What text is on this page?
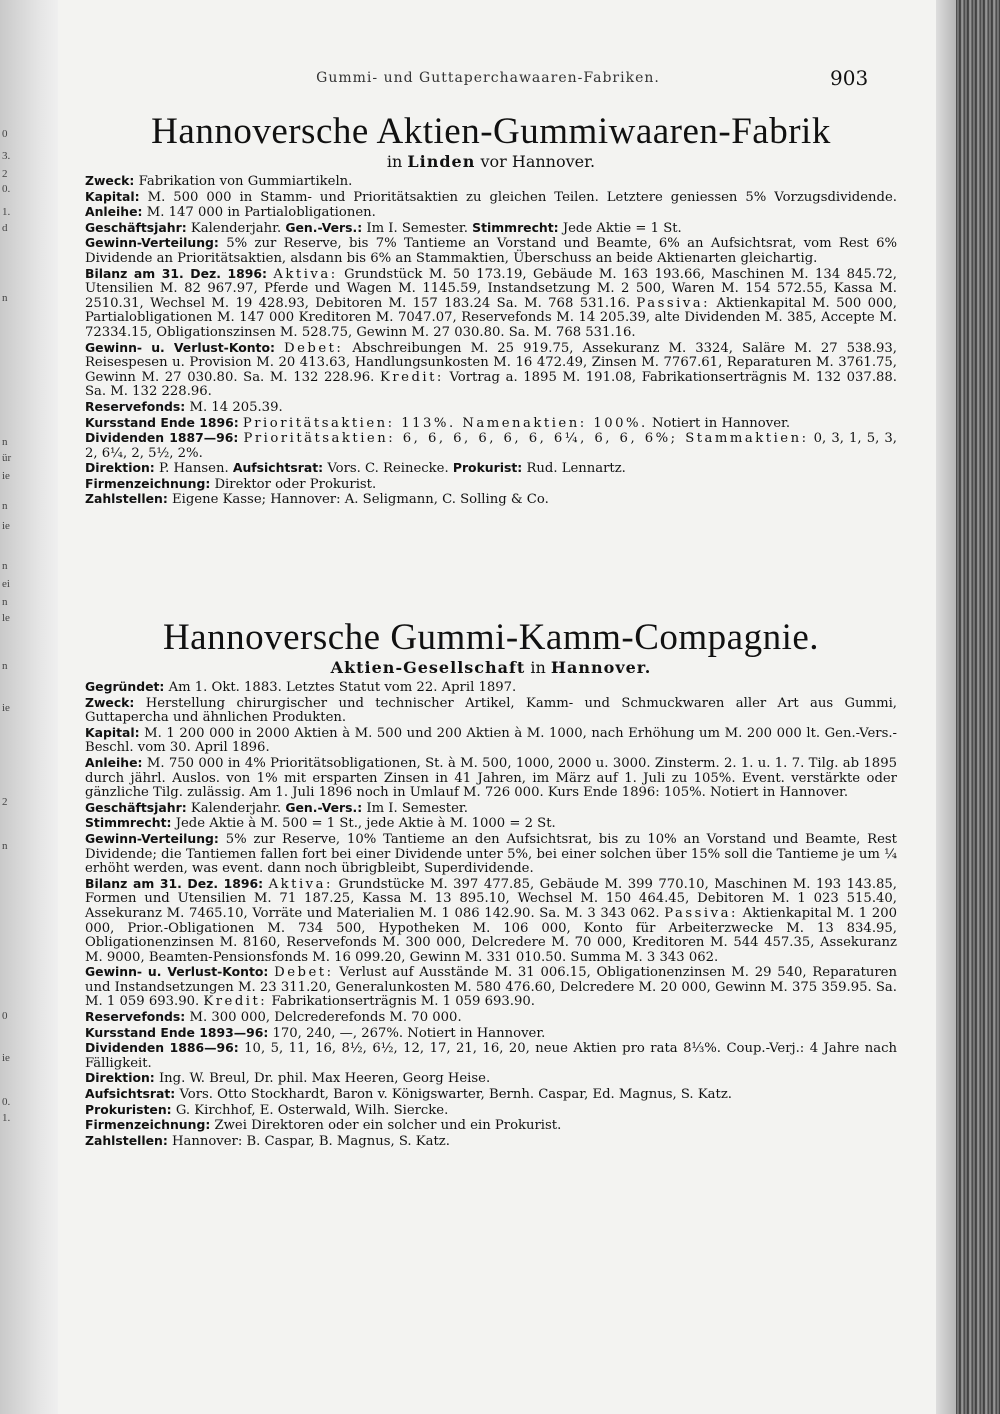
0
3.
2
0.
1.
d
n
n
ür
ie
n
ie
n
ei
n
le
n
ie
2
n
0
ie
0.
1.
Gummi- und Guttaperchawaaren-Fabriken.	903
Hannoversche Aktien-Gummiwaaren-Fabrik

in Linden vor Hannover.

Zweck: Fabrikation von Gummiartikeln.

Kapital: M. 500 000 in Stamm- und Prioritätsaktien zu gleichen Teilen. Letztere geniessen 5% Vorzugsdividende. Anleihe: M. 147 000 in Partialobligationen.

Geschäftsjahr: Kalenderjahr. Gen.-Vers.: Im I. Semester. Stimmrecht: Jede Aktie = 1 St.

Gewinn-Verteilung: 5% zur Reserve, bis 7% Tantieme an Vorstand und Beamte, 6% an Aufsichtsrat, vom Rest 6% Dividende an Prioritätsaktien, alsdann bis 6% an Stammaktien, Überschuss an beide Aktienarten gleichartig.

Bilanz am 31. Dez. 1896: Aktiva: Grundstück M. 50 173.19, Gebäude M. 163 193.66, Maschinen M. 134 845.72, Utensilien M. 82 967.97, Pferde und Wagen M. 1145.59, Instandsetzung M. 2 500, Waren M. 154 572.55, Kassa M. 2510.31, Wechsel M. 19 428.93, Debitoren M. 157 183.24 Sa. M. 768 531.16. Passiva: Aktienkapital M. 500 000, Partialobligationen M. 147 000 Kreditoren M. 7047.07, Reservefonds M. 14 205.39, alte Dividenden M. 385, Accepte M. 72334.15, Obligationszinsen M. 528.75, Gewinn M. 27 030.80. Sa. M. 768 531.16.

Gewinn- u. Verlust-Konto: Debet: Abschreibungen M. 25 919.75, Assekuranz M. 3324, Saläre M. 27 538.93, Reisespesen u. Provision M. 20 413.63, Handlungsunkosten M. 16 472.49, Zinsen M. 7767.61, Reparaturen M. 3761.75, Gewinn M. 27 030.80. Sa. M. 132 228.96. Kredit: Vortrag a. 1895 M. 191.08, Fabrikationserträgnis M. 132 037.88. Sa. M. 132 228.96.

Reservefonds: M. 14 205.39.

Kursstand Ende 1896: Prioritätsaktien: 113%. Namenaktien: 100%. Notiert in Hannover.

Dividenden 1887—96: Prioritätsaktien: 6, 6, 6, 6, 6, 6, 6¼, 6, 6, 6%; Stammaktien: 0, 3, 1, 5, 3, 2, 6¼, 2, 5½, 2%.

Direktion: P. Hansen. Aufsichtsrat: Vors. C. Reinecke. Prokurist: Rud. Lennartz.

Firmenzeichnung: Direktor oder Prokurist.

Zahlstellen: Eigene Kasse; Hannover: A. Seligmann, C. Solling & Co.

Hannoversche Gummi-Kamm-Compagnie.

Aktien-Gesellschaft in Hannover.

Gegründet: Am 1. Okt. 1883. Letztes Statut vom 22. April 1897.

Zweck: Herstellung chirurgischer und technischer Artikel, Kamm- und Schmuckwaren aller Art aus Gummi, Guttapercha und ähnlichen Produkten.

Kapital: M. 1 200 000 in 2000 Aktien à M. 500 und 200 Aktien à M. 1000, nach Erhöhung um M. 200 000 lt. Gen.-Vers.-Beschl. vom 30. April 1896.

Anleihe: M. 750 000 in 4% Prioritätsobligationen, St. à M. 500, 1000, 2000 u. 3000. Zinsterm. 2. 1. u. 1. 7. Tilg. ab 1895 durch jährl. Auslos. von 1% mit ersparten Zinsen in 41 Jahren, im März auf 1. Juli zu 105%. Event. verstärkte oder gänzliche Tilg. zulässig. Am 1. Juli 1896 noch in Umlauf M. 726 000. Kurs Ende 1896: 105%. Notiert in Hannover.

Geschäftsjahr: Kalenderjahr. Gen.-Vers.: Im I. Semester.

Stimmrecht: Jede Aktie à M. 500 = 1 St., jede Aktie à M. 1000 = 2 St.

Gewinn-Verteilung: 5% zur Reserve, 10% Tantieme an den Aufsichtsrat, bis zu 10% an Vorstand und Beamte, Rest Dividende; die Tantiemen fallen fort bei einer Dividende unter 5%, bei einer solchen über 15% soll die Tantieme je um ¼ erhöht werden, was event. dann noch übrigbleibt, Superdividende.

Bilanz am 31. Dez. 1896: Aktiva: Grundstücke M. 397 477.85, Gebäude M. 399 770.10, Maschinen M. 193 143.85, Formen und Utensilien M. 71 187.25, Kassa M. 13 895.10, Wechsel M. 150 464.45, Debitoren M. 1 023 515.40, Assekuranz M. 7465.10, Vorräte und Materialien M. 1 086 142.90. Sa. M. 3 343 062. Passiva: Aktienkapital M. 1 200 000, Prior.-Obligationen M. 734 500, Hypotheken M. 106 000, Konto für Arbeiterzwecke M. 13 834.95, Obligationenzinsen M. 8160, Reservefonds M. 300 000, Delcredere M. 70 000, Kreditoren M. 544 457.35, Assekuranz M. 9000, Beamten-Pensionsfonds M. 16 099.20, Gewinn M. 331 010.50. Summa M. 3 343 062.

Gewinn- u. Verlust-Konto: Debet: Verlust auf Ausstände M. 31 006.15, Obligationenzinsen M. 29 540, Reparaturen und Instandsetzungen M. 23 311.20, Generalunkosten M. 580 476.60, Delcredere M. 20 000, Gewinn M. 375 359.95. Sa. M. 1 059 693.90. Kredit: Fabrikationserträgnis M. 1 059 693.90.

Reservefonds: M. 300 000, Delcrederefonds M. 70 000.

Kursstand Ende 1893—96: 170, 240, —, 267%. Notiert in Hannover.

Dividenden 1886—96: 10, 5, 11, 16, 8½, 6½, 12, 17, 21, 16, 20, neue Aktien pro rata 8⅓%. Coup.-Verj.: 4 Jahre nach Fälligkeit.

Direktion: Ing. W. Breul, Dr. phil. Max Heeren, Georg Heise.

Aufsichtsrat: Vors. Otto Stockhardt, Baron v. Königswarter, Bernh. Caspar, Ed. Magnus, S. Katz.

Prokuristen: G. Kirchhof, E. Osterwald, Wilh. Siercke.

Firmenzeichnung: Zwei Direktoren oder ein solcher und ein Prokurist.

Zahlstellen: Hannover: B. Caspar, B. Magnus, S. Katz.
